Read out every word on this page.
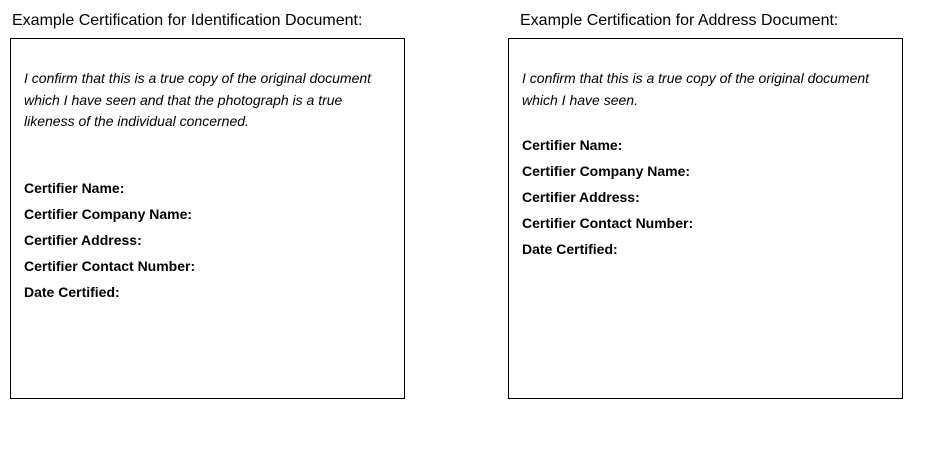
Example Certification for Identification Document:

I confirm that this is a true copy of the original document which I have seen and that the photograph is a true likeness of the individual concerned.

Certifier Name:
Certifier Company Name:
Certifier Address:
Certifier Contact Number:
Date Certified:
Example Certification for Address Document:

I confirm that this is a true copy of the original document which I have seen.

Certifier Name:
Certifier Company Name:
Certifier Address:
Certifier Contact Number:
Date Certified:
